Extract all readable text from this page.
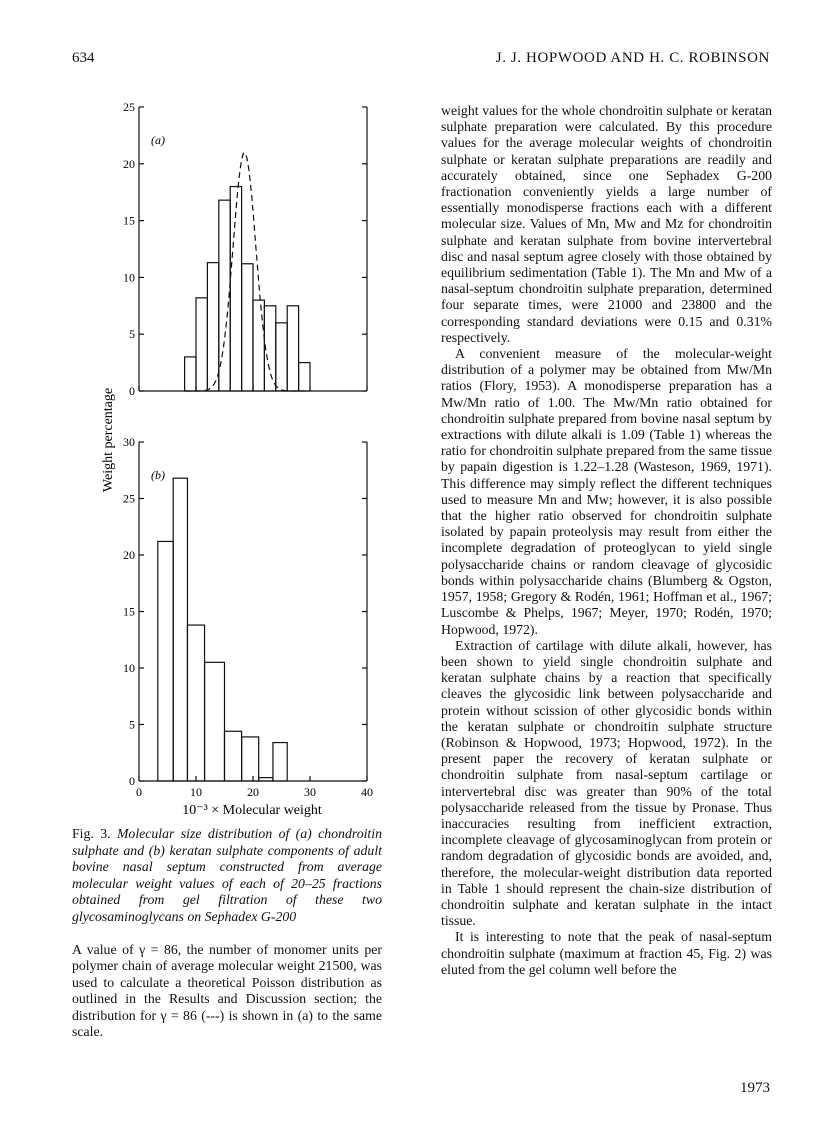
634	J. J. HOPWOOD AND H. C. ROBINSON
0
5
10
15
20
25
(a)
0
5
10
15
20
25
30
0	10	20	30	40
(b)
Weight percentage
10⁻³ × Molecular weight
Fig. 3. Molecular size distribution of (a) chondroitin sulphate and (b) keratan sulphate components of adult bovine nasal septum constructed from average molecular weight values of each of 20–25 fractions obtained from gel filtration of these two glycosaminoglycans on Sephadex G-200
A value of γ = 86, the number of monomer units per polymer chain of average molecular weight 21500, was used to calculate a theoretical Poisson distribution as outlined in the Results and Discussion section; the distribution for γ = 86 (---) is shown in (a) to the same scale.

weight values for the whole chondroitin sulphate or keratan sulphate preparation were calculated. By this procedure values for the average molecular weights of chondroitin sulphate or keratan sulphate preparations are readily and accurately obtained, since one Sephadex G-200 fractionation conveniently yields a large number of essentially monodisperse fractions each with a different molecular size. Values of Mn, Mw and Mz for chondroitin sulphate and keratan sulphate from bovine intervertebral disc and nasal septum agree closely with those obtained by equilibrium sedimentation (Table 1). The Mn and Mw of a nasal-septum chondroitin sulphate preparation, determined four separate times, were 21000 and 23800 and the corresponding standard deviations were 0.15 and 0.31% respectively.

A convenient measure of the molecular-weight distribution of a polymer may be obtained from Mw/Mn ratios (Flory, 1953). A monodisperse preparation has a Mw/Mn ratio of 1.00. The Mw/Mn ratio obtained for chondroitin sulphate prepared from bovine nasal septum by extractions with dilute alkali is 1.09 (Table 1) whereas the ratio for chondroitin sulphate prepared from the same tissue by papain digestion is 1.22–1.28 (Wasteson, 1969, 1971). This difference may simply reflect the different techniques used to measure Mn and Mw; however, it is also possible that the higher ratio observed for chondroitin sulphate isolated by papain proteolysis may result from either the incomplete degradation of proteoglycan to yield single polysaccharide chains or random cleavage of glycosidic bonds within polysaccharide chains (Blumberg & Ogston, 1957, 1958; Gregory & Rodén, 1961; Hoffman et al., 1967; Luscombe & Phelps, 1967; Meyer, 1970; Rodén, 1970; Hopwood, 1972).

Extraction of cartilage with dilute alkali, however, has been shown to yield single chondroitin sulphate and keratan sulphate chains by a reaction that specifically cleaves the glycosidic link between polysaccharide and protein without scission of other glycosidic bonds within the keratan sulphate or chondroitin sulphate structure (Robinson & Hopwood, 1973; Hopwood, 1972). In the present paper the recovery of keratan sulphate or chondroitin sulphate from nasal-septum cartilage or intervertebral disc was greater than 90% of the total polysaccharide released from the tissue by Pronase. Thus inaccuracies resulting from inefficient extraction, incomplete cleavage of glycosaminoglycan from protein or random degradation of glycosidic bonds are avoided, and, therefore, the molecular-weight distribution data reported in Table 1 should represent the chain-size distribution of chondroitin sulphate and keratan sulphate in the intact tissue.

It is interesting to note that the peak of nasal-septum chondroitin sulphate (maximum at fraction 45, Fig. 2) was eluted from the gel column well before the

1973
